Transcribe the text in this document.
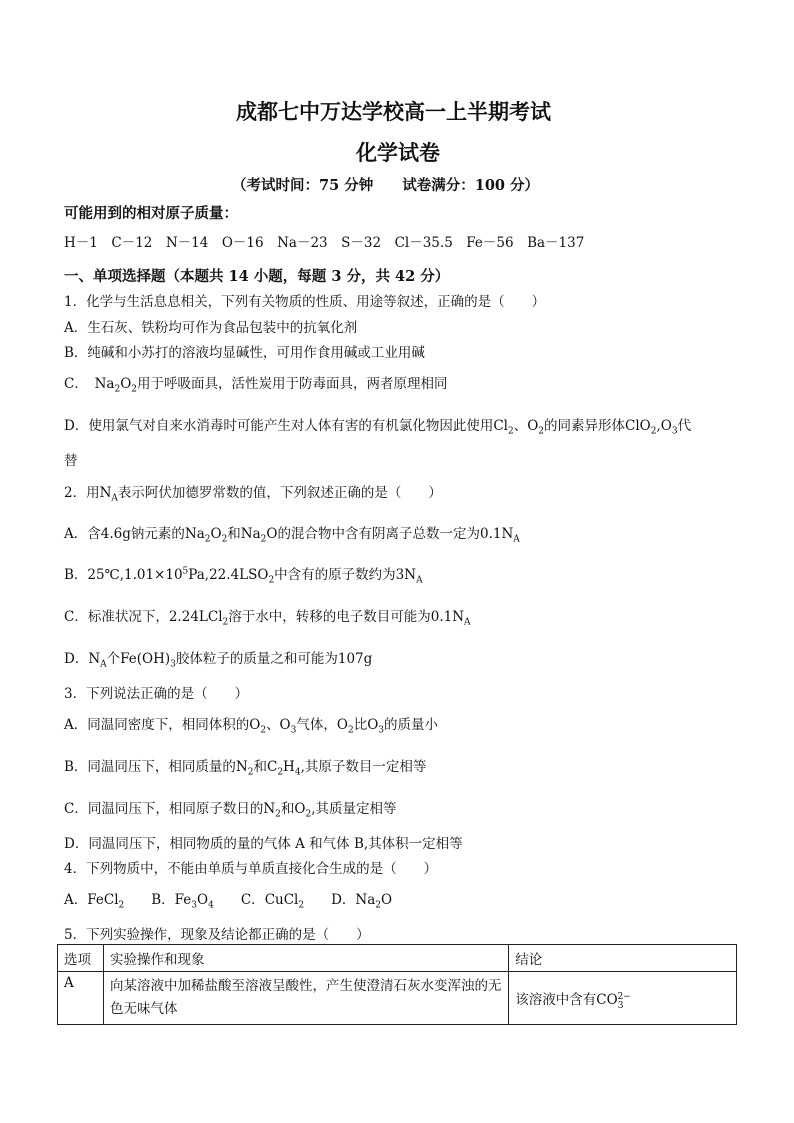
成都七中万达学校高一上半期考试
化学试卷
（考试时间：75 分钟　　试卷满分：100 分）
可能用到的相对原子质量：
H－1　C－12　N－14　O－16　Na－23　S－32　Cl－35.5　Fe－56　Ba－137
一、单项选择题（本题共 14 小题，每题 3 分，共 42 分）
1．化学与生活息息相关，下列有关物质的性质、用途等叙述，正确的是（　　）
A．生石灰、铁粉均可作为食品包装中的抗氧化剂
B．纯碱和小苏打的溶液均显碱性，可用作食用碱或工业用碱
C．　$Na_2O_2$用于呼吸面具，活性炭用于防毒面具，两者原理相同
D．使用氯气对自来水消毒时可能产生对人体有害的有机氯化物因此使用$Cl_2$、$O_2$的同素异形体$ClO_2,O_3$代
替
2．用$N_A$表示阿伏加德罗常数的值，下列叙述正确的是（　　）
A．含4.6g钠元素的$Na_2O_2$和$Na_2O$的混合物中含有阴离子总数一定为$0.1N_A$
B．$25℃,1.01\times 10^5Pa,22.4LSO_2$中含有的原子数约为$3N_A$
C．标准状况下，2.24LCl$_2$溶于水中，转移的电子数目可能为$0.1N_A$
D．$N_A$个$Fe(OH)_3$胶体粒子的质量之和可能为107g
3．下列说法正确的是（　　）
A．同温同密度下，相同体积的$O_2$、$O_3$气体，$O_2$比$O_3$的质量小
B．同温同压下，相同质量的$N_2$和$C_2H_4$,其原子数目一定相等
C．同温同压下，相同原子数日的$N_2$和$O_2$,其质量定相等
D．同温同压下，相同物质的量的气体 A 和气体 B,其体积一定相等
4．下列物质中，不能由单质与单质直接化合生成的是（　　）
A．FeCl$_2$　　 B．$Fe_3O_4$　　 C．CuCl$_2$　　 D．$Na_2O$
5．下列实验操作，现象及结论都正确的是（　　）
选项	实验操作和现象	结论
A	向某溶液中加稀盐酸至溶液呈酸性，产生使澄清石灰水变浑浊的无色无味气体	该溶液中含有$CO_3^{2-}$
